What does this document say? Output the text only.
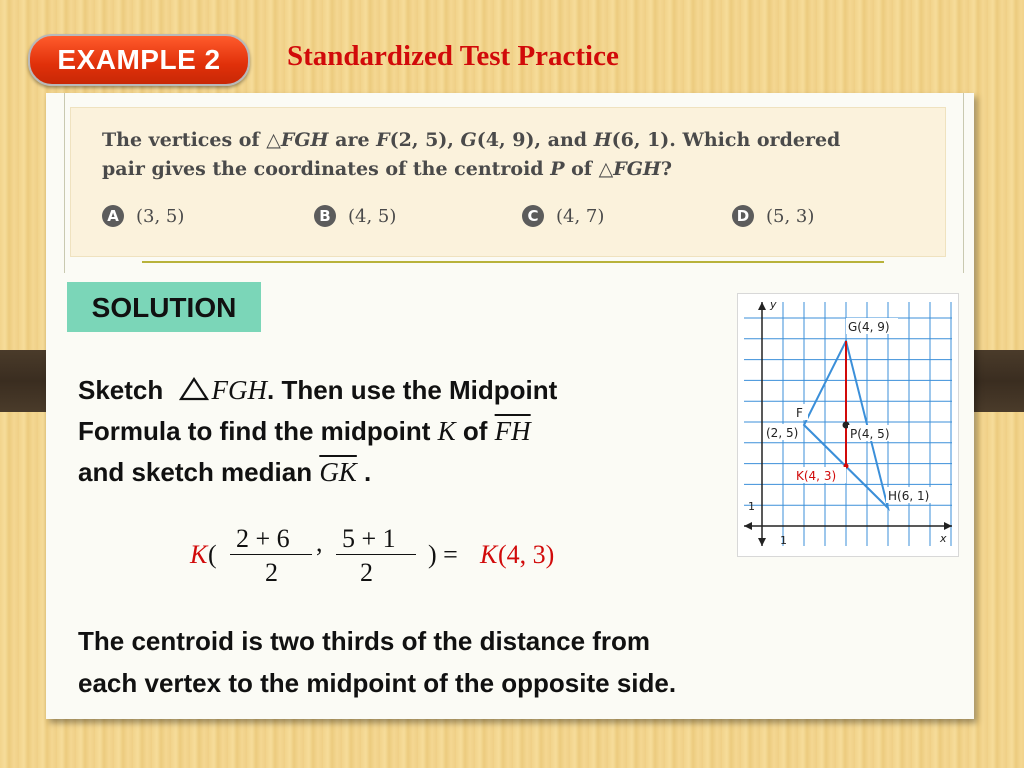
EXAMPLE 2	Standardized Test Practice
The vertices of △FGH are F(2, 5), G(4, 9), and H(6, 1). Which ordered
pair gives the coordinates of the centroid P of △FGH?
A (3, 5)	B (4, 5)	C (4, 7)	D (5, 3)
SOLUTION
Sketch FGH. Then use the Midpoint
Formula to find the midpoint K of $\overline{FH}$
and sketch median $\overline{GK}$ .
K (
2 + 6
2
, 5 + 1
2
) = K (4, 3)
The centroid is two thirds of the distance from
each vertex to the midpoint of the opposite side.
y
x
1
1
G(4, 9)
F
(2, 5)	P(4, 5)
K(4, 3)
H(6, 1)
